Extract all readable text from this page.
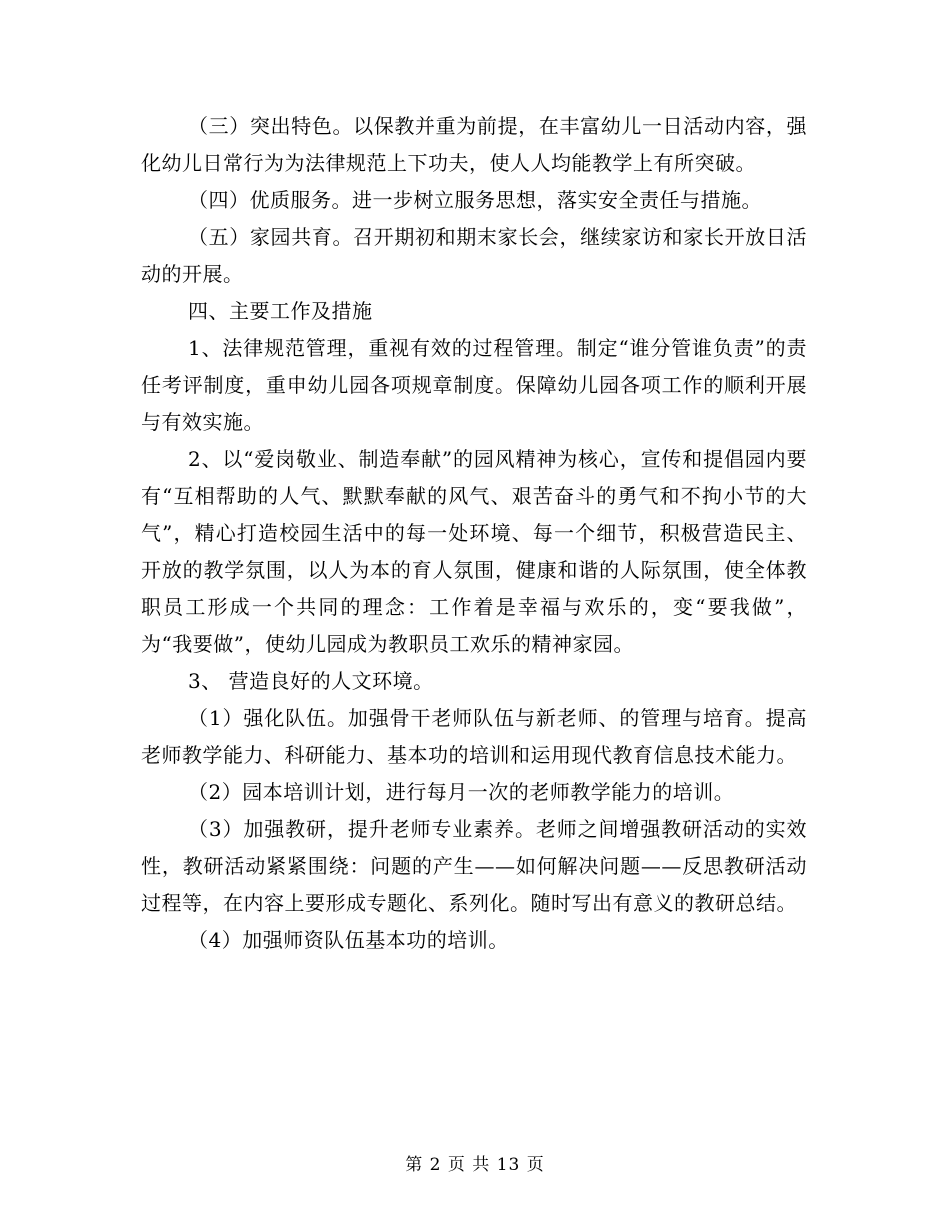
（三）突出特色。以保教并重为前提，在丰富幼儿一日活动内容，强化幼儿日常行为为法律规范上下功夫，使人人均能教学上有所突破。

（四）优质服务。进一步树立服务思想，落实安全责任与措施。

（五）家园共育。召开期初和期末家长会，继续家访和家长开放日活动的开展。

四、主要工作及措施

1、法律规范管理，重视有效的过程管理。制定“谁分管谁负责”的责任考评制度，重申幼儿园各项规章制度。保障幼儿园各项工作的顺利开展与有效实施。

2、以“爱岗敬业、制造奉献”的园风精神为核心，宣传和提倡园内要有“互相帮助的人气、默默奉献的风气、艰苦奋斗的勇气和不拘小节的大气”，精心打造校园生活中的每一处环境、每一个细节，积极营造民主、开放的教学氛围，以人为本的育人氛围，健康和谐的人际氛围，使全体教职员工形成一个共同的理念：工作着是幸福与欢乐的，变“要我做”，为“我要做”，使幼儿园成为教职员工欢乐的精神家园。

3、 营造良好的人文环境。

（1）强化队伍。加强骨干老师队伍与新老师、的管理与培育。提高老师教学能力、科研能力、基本功的培训和运用现代教育信息技术能力。

（2）园本培训计划，进行每月一次的老师教学能力的培训。

（3）加强教研，提升老师专业素养。老师之间增强教研活动的实效性，教研活动紧紧围绕：问题的产生——如何解决问题——反思教研活动过程等，在内容上要形成专题化、系列化。随时写出有意义的教研总结。

（4）加强师资队伍基本功的培训。

第 2 页 共 13 页
